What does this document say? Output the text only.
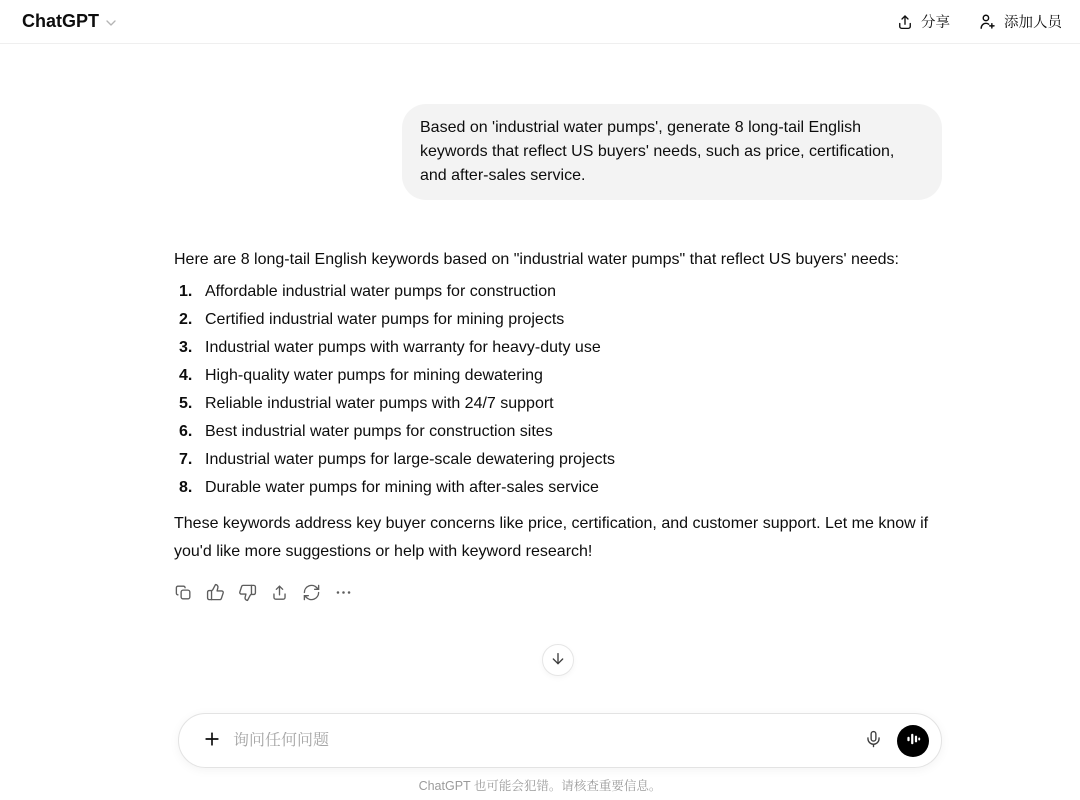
ChatGPT	分享	添加人员
Based on 'industrial water pumps', generate 8 long-tail English keywords that reflect US buyers' needs, such as price, certification, and after-sales service.

Here are 8 long-tail English keywords based on "industrial water pumps" that reflect US buyers' needs:

1. Affordable industrial water pumps for construction
2. Certified industrial water pumps for mining projects
3. Industrial water pumps with warranty for heavy-duty use
4. High-quality water pumps for mining dewatering
5. Reliable industrial water pumps with 24/7 support
6. Best industrial water pumps for construction sites
7. Industrial water pumps for large-scale dewatering projects
8. Durable water pumps for mining with after-sales service

These keywords address key buyer concerns like price, certification, and customer support. Let me know if you'd like more suggestions or help with keyword research!

询问任何问题
ChatGPT 也可能会犯错。请核查重要信息。
